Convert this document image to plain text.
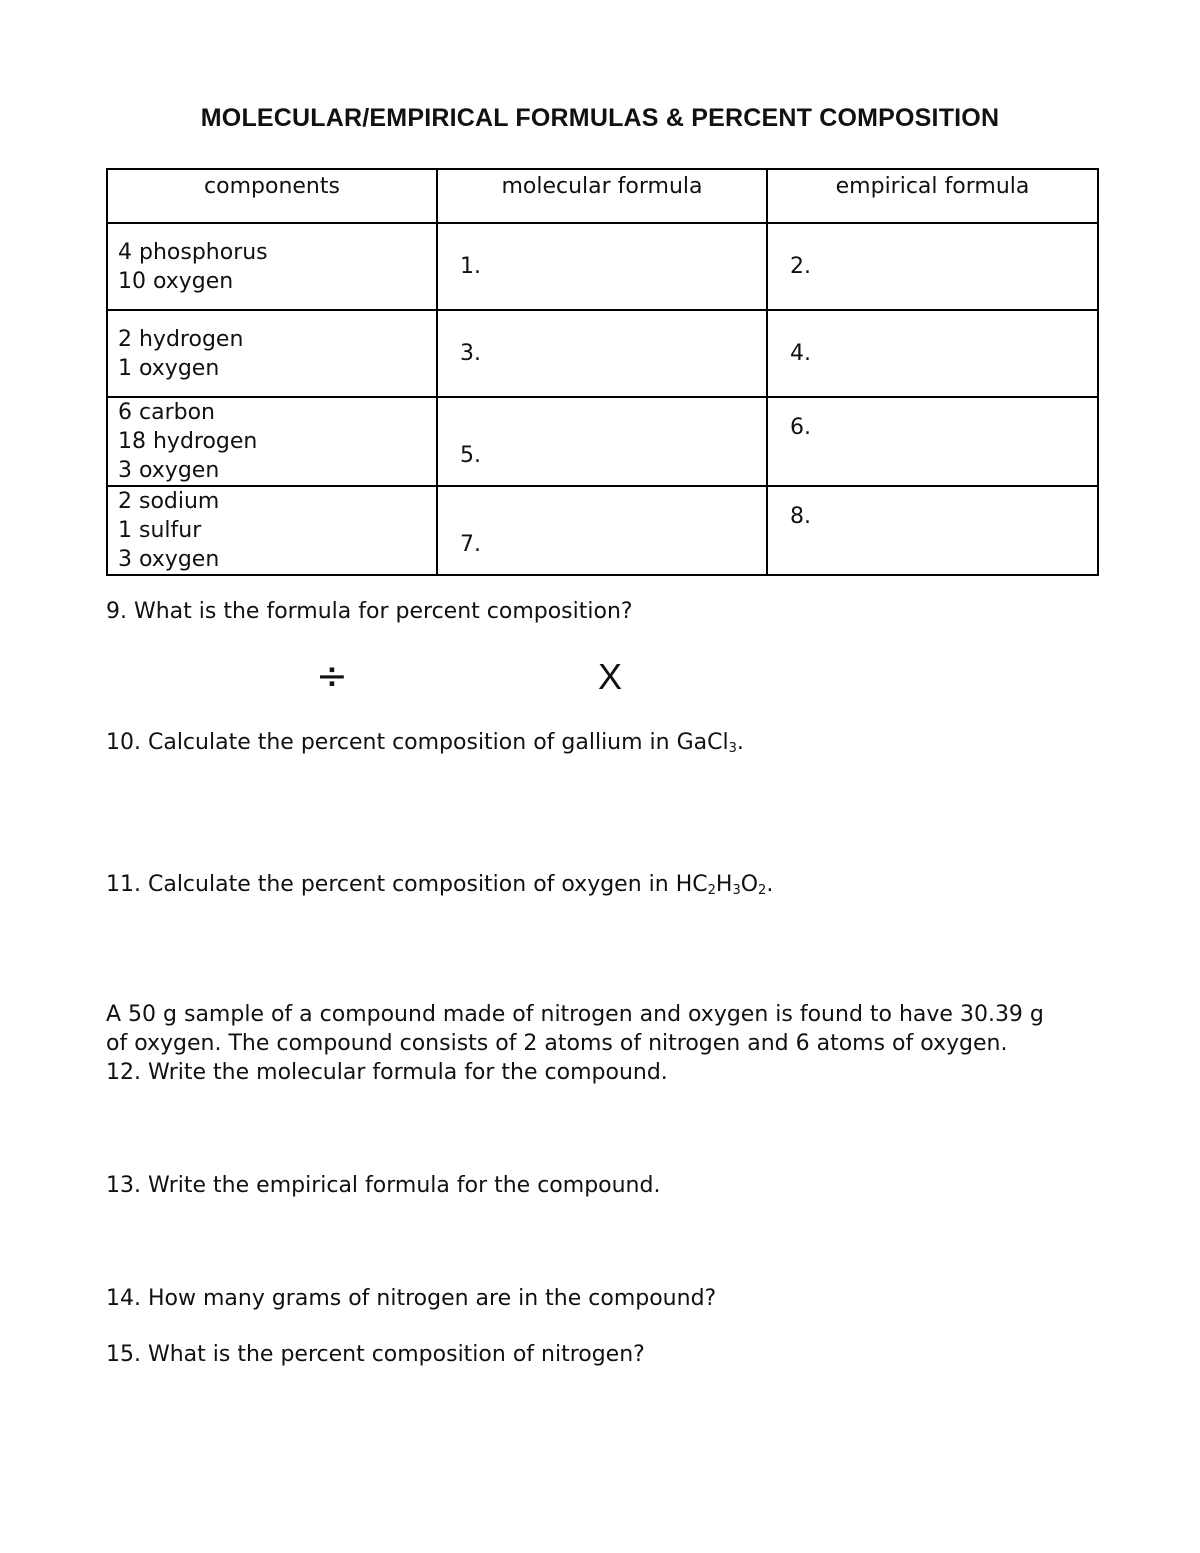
MOLECULAR/EMPIRICAL FORMULAS & PERCENT COMPOSITION
components	molecular formula	empirical formula

4 phosphorus
10 oxygen	1.	2.

2 hydrogen
1 oxygen	3.	4.

6 carbon
18 hydrogen
3 oxygen	5.	6.

2 sodium
1 sulfur
3 oxygen	7.	8.
9. What is the formula for percent composition?
÷	X
10. Calculate the percent composition of gallium in GaCl$_3$.
11. Calculate the percent composition of oxygen in $HC_2H_3O_2$.
A 50 g sample of a compound made of nitrogen and oxygen is found to have 30.39 g
of oxygen. The compound consists of 2 atoms of nitrogen and 6 atoms of oxygen.
12. Write the molecular formula for the compound.
13. Write the empirical formula for the compound.
14. How many grams of nitrogen are in the compound?
15. What is the percent composition of nitrogen?
